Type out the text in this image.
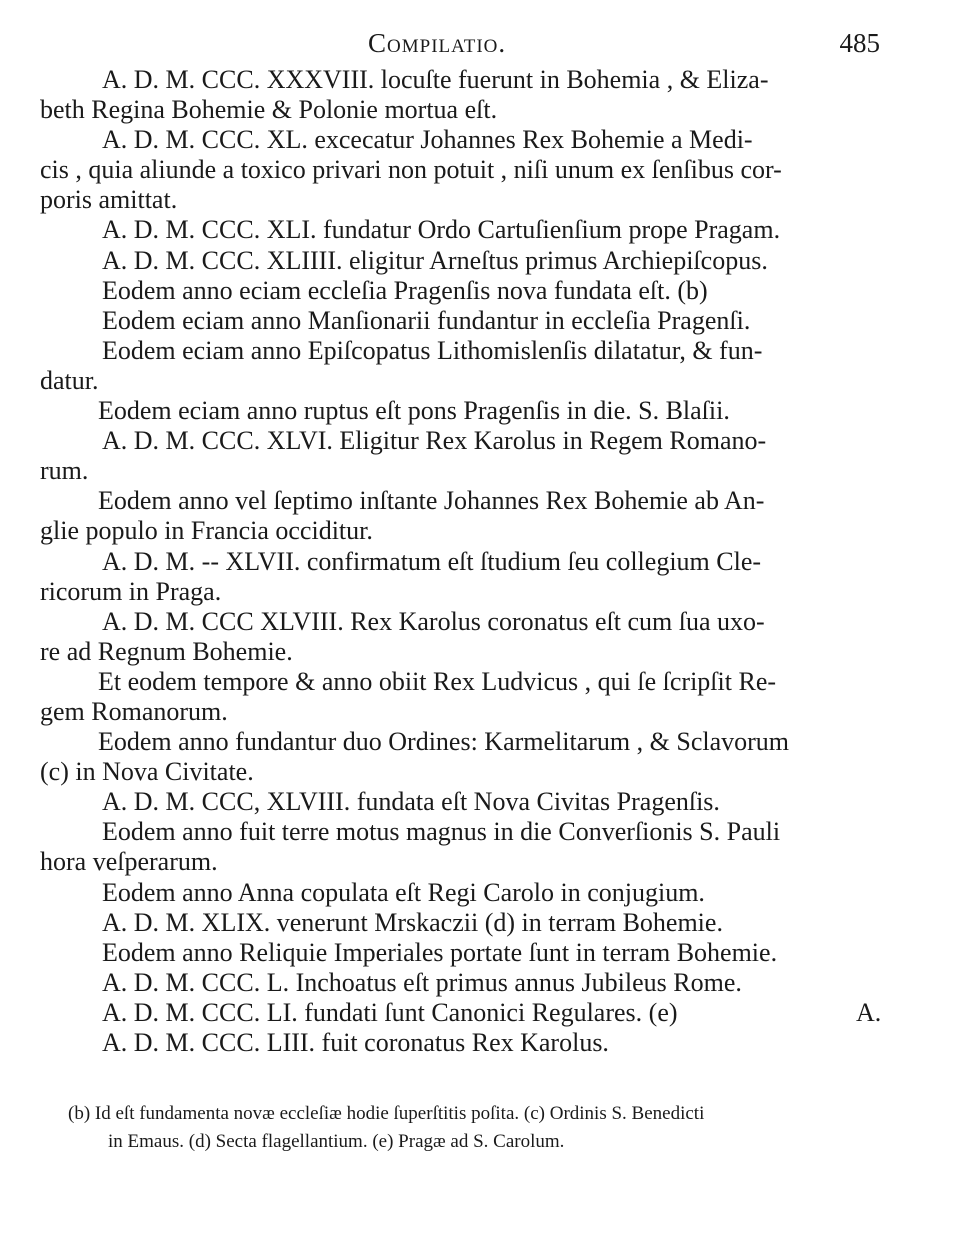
Compilatio.	485
A. D. M. CCC. XXXVIII. locuſte fuerunt in Bohemia , & Eliza-
beth Regina Bohemie & Polonie mortua eſt.
A. D. M. CCC. XL. excecatur Johannes Rex Bohemie a Medi-
cis , quia aliunde a toxico privari non potuit , niſi unum ex ſenſibus cor-
poris amittat.
A. D. M. CCC. XLI. fundatur Ordo Cartuſienſium prope Pragam.
A. D. M. CCC. XLIIII. eligitur Arneſtus primus Archiepiſcopus.
Eodem anno eciam eccleſia Pragenſis nova fundata eſt. (b)
Eodem eciam anno Manſionarii fundantur in eccleſia Pragenſi.
Eodem eciam anno Epiſcopatus Lithomislenſis dilatatur, & fun-
datur.
Eodem eciam anno ruptus eſt pons Pragenſis in die. S. Blaſii.
A. D. M. CCC. XLVI. Eligitur Rex Karolus in Regem Romano-
rum.
Eodem anno vel ſeptimo inſtante Johannes Rex Bohemie ab An-
glie populo in Francia occiditur.
A. D. M. -- XLVII. confirmatum eſt ſtudium ſeu collegium Cle-
ricorum in Praga.
A. D. M. CCC XLVIII. Rex Karolus coronatus eſt cum ſua uxo-
re ad Regnum Bohemie.
Et eodem tempore & anno obiit Rex Ludvicus , qui ſe ſcripſit Re-
gem Romanorum.
Eodem anno fundantur duo Ordines: Karmelitarum , & Sclavorum
(c) in Nova Civitate.
A. D. M. CCC, XLVIII. fundata eſt Nova Civitas Pragenſis.
Eodem anno fuit terre motus magnus in die Converſionis S. Pauli
hora veſperarum.
Eodem anno Anna copulata eſt Regi Carolo in conjugium.
A. D. M. XLIX. venerunt Mrskaczii (d) in terram Bohemie.
Eodem anno Reliquie Imperiales portate ſunt in terram Bohemie.
A. D. M. CCC. L. Inchoatus eſt primus annus Jubileus Rome.
A. D. M. CCC. LI. fundati ſunt Canonici Regulares. (e)
A. D. M. CCC. LIII. fuit coronatus Rex Karolus.
A.
(b) Id eſt fundamenta novæ eccleſiæ hodie ſuperſtitis poſita. (c) Ordinis S. Benedicti
in Emaus. (d) Secta flagellantium. (e) Pragæ ad S. Carolum.
